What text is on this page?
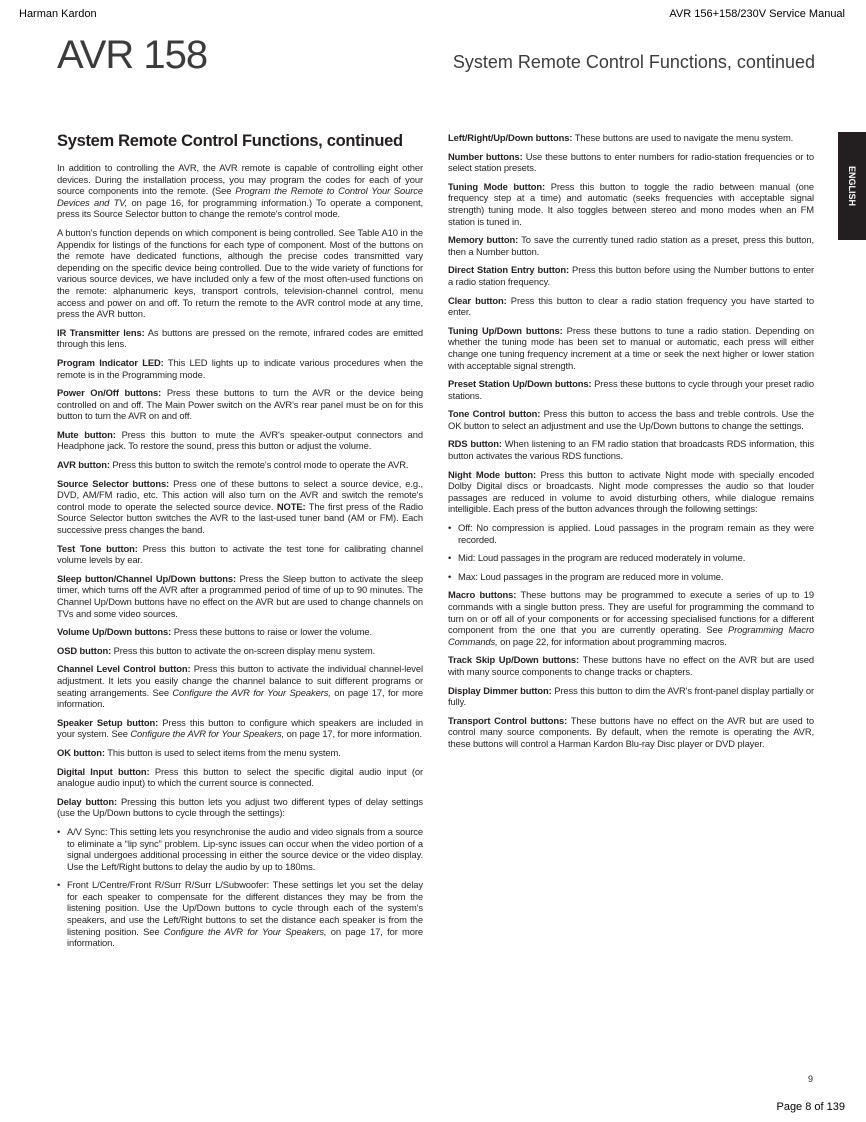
Harman Kardon	AVR 156+158/230V Service Manual
AVR 158	System Remote Control Functions, continued
ENGLISH
System Remote Control Functions, continued

In addition to controlling the AVR, the AVR remote is capable of controlling eight other devices. During the installation process, you may program the codes for each of your source components into the remote. (See Program the Remote to Control Your Source Devices and TV, on page 16, for programming information.) To operate a component, press its Source Selector button to change the remote's control mode.

A button's function depends on which component is being controlled. See Table A10 in the Appendix for listings of the functions for each type of component. Most of the buttons on the remote have dedicated functions, although the precise codes transmitted vary depending on the specific device being controlled. Due to the wide variety of functions for various source devices, we have included only a few of the most often-used functions on the remote: alphanumeric keys, transport controls, television-channel control, menu access and power on and off. To return the remote to the AVR control mode at any time, press the AVR button.

IR Transmitter lens: As buttons are pressed on the remote, infrared codes are emitted through this lens.

Program Indicator LED: This LED lights up to indicate various procedures when the remote is in the Programming mode.

Power On/Off buttons: Press these buttons to turn the AVR or the device being controlled on and off. The Main Power switch on the AVR's rear panel must be on for this button to turn the AVR on and off.

Mute button: Press this button to mute the AVR's speaker-output connectors and Headphone jack. To restore the sound, press this button or adjust the volume.

AVR button: Press this button to switch the remote's control mode to operate the AVR.

Source Selector buttons: Press one of these buttons to select a source device, e.g., DVD, AM/FM radio, etc. This action will also turn on the AVR and switch the remote's control mode to operate the selected source device. NOTE: The first press of the Radio Source Selector button switches the AVR to the last-used tuner band (AM or FM). Each successive press changes the band.

Test Tone button: Press this button to activate the test tone for calibrating channel volume levels by ear.

Sleep button/Channel Up/Down buttons: Press the Sleep button to activate the sleep timer, which turns off the AVR after a programmed period of time of up to 90 minutes. The Channel Up/Down buttons have no effect on the AVR but are used to change channels on TVs and some video sources.

Volume Up/Down buttons: Press these buttons to raise or lower the volume.

OSD button: Press this button to activate the on-screen display menu system.

Channel Level Control button: Press this button to activate the individual channel-level adjustment. It lets you easily change the channel balance to suit different programs or seating arrangements. See Configure the AVR for Your Speakers, on page 17, for more information.

Speaker Setup button: Press this button to configure which speakers are included in your system. See Configure the AVR for Your Speakers, on page 17, for more information.

OK button: This button is used to select items from the menu system.

Digital Input button: Press this button to select the specific digital audio input (or analogue audio input) to which the current source is connected.

Delay button: Pressing this button lets you adjust two different types of delay settings (use the Up/Down buttons to cycle through the settings):

• A/V Sync: This setting lets you resynchronise the audio and video signals from a source to eliminate a “lip sync” problem. Lip-sync issues can occur when the video portion of a signal undergoes additional processing in either the source device or the video display. Use the Left/Right buttons to delay the audio by up to 180ms.
• Front L/Centre/Front R/Surr R/Surr L/Subwoofer: These settings let you set the delay for each speaker to compensate for the different distances they may be from the listening position. Use the Up/Down buttons to cycle through each of the system's speakers, and use the Left/Right buttons to set the distance each speaker is from the listening position. See Configure the AVR for Your Speakers, on page 17, for more information.

Left/Right/Up/Down buttons: These buttons are used to navigate the menu system.

Number buttons: Use these buttons to enter numbers for radio-station frequencies or to select station presets.

Tuning Mode button: Press this button to toggle the radio between manual (one frequency step at a time) and automatic (seeks frequencies with acceptable signal strength) tuning mode. It also toggles between stereo and mono modes when an FM station is tuned in.

Memory button: To save the currently tuned radio station as a preset, press this button, then a Number button.

Direct Station Entry button: Press this button before using the Number buttons to enter a radio station frequency.

Clear button: Press this button to clear a radio station frequency you have started to enter.

Tuning Up/Down buttons: Press these buttons to tune a radio station. Depending on whether the tuning mode has been set to manual or automatic, each press will either change one tuning frequency increment at a time or seek the next higher or lower station with acceptable signal strength.

Preset Station Up/Down buttons: Press these buttons to cycle through your preset radio stations.

Tone Control button: Press this button to access the bass and treble controls. Use the OK button to select an adjustment and use the Up/Down buttons to change the settings.

RDS button: When listening to an FM radio station that broadcasts RDS information, this button activates the various RDS functions.

Night Mode button: Press this button to activate Night mode with specially encoded Dolby Digital discs or broadcasts. Night mode compresses the audio so that louder passages are reduced in volume to avoid disturbing others, while dialogue remains intelligible. Each press of the button advances through the following settings:

• Off: No compression is applied. Loud passages in the program remain as they were recorded.
• Mid: Loud passages in the program are reduced moderately in volume.
• Max: Loud passages in the program are reduced more in volume.

Macro buttons: These buttons may be programmed to execute a series of up to 19 commands with a single button press. They are useful for programming the command to turn on or off all of your components or for accessing specialised functions for a different component from the one that you are currently operating. See Programming Macro Commands, on page 22, for information about programming macros.

Track Skip Up/Down buttons: These buttons have no effect on the AVR but are used with many source components to change tracks or chapters.

Display Dimmer button: Press this button to dim the AVR's front-panel display partially or fully.

Transport Control buttons: These buttons have no effect on the AVR but are used to control many source components. By default, when the remote is operating the AVR, these buttons will control a Harman Kardon Blu-ray Disc player or DVD player.

9
Page 8 of 139
